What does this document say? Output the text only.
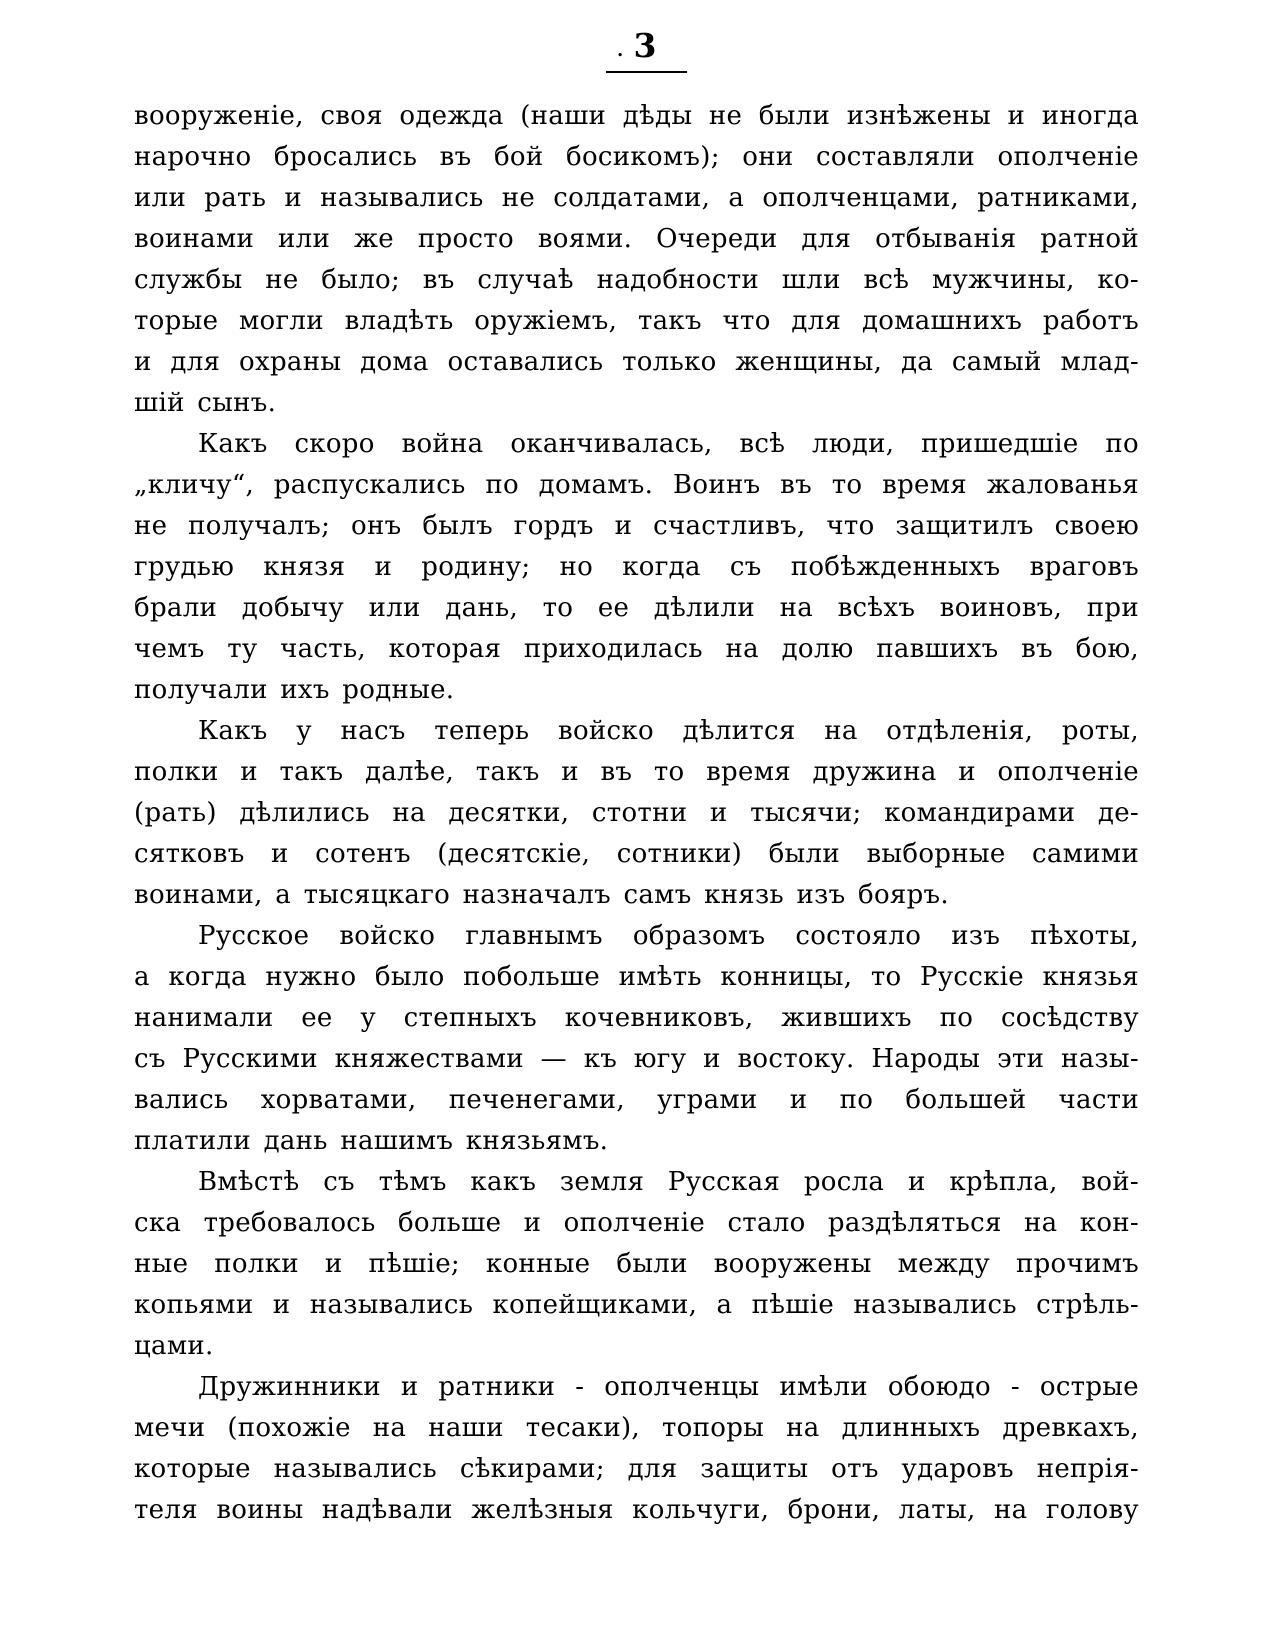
. 3
вооруженіе, своя одежда (наши дѣды не были изнѣжены и иногда
нарочно бросались въ бой босикомъ); они составляли ополченіе
или рать и назывались не солдатами, а ополченцами, ратниками,
воинами или же просто воями. Очереди для отбыванія ратной
службы не было; въ случаѣ надобности шли всѣ мужчины, ко-
торые могли владѣть оружіемъ, такъ что для домашнихъ работъ
и для охраны дома оставались только женщины, да самый млад-
шій сынъ.
Какъ скоро война оканчивалась, всѣ люди, пришедшіе по
„кличу“, распускались по домамъ. Воинъ въ то время жалованья
не получалъ; онъ былъ гордъ и счастливъ, что защитилъ своею
грудью князя и родину; но когда съ побѣжденныхъ враговъ
брали добычу или дань, то ее дѣлили на всѣхъ воиновъ, при
чемъ ту часть, которая приходилась на долю павшихъ въ бою,
получали ихъ родные.
Какъ у насъ теперь войско дѣлится на отдѣленія, роты,
полки и такъ далѣе, такъ и въ то время дружина и ополченіе
(рать) дѣлились на десятки, стотни и тысячи; командирами де-
сятковъ и сотенъ (десятскіе, сотники) были выборные самими
воинами, а тысяцкаго назначалъ самъ князь изъ бояръ.
Русское войско главнымъ образомъ состояло изъ пѣхоты,
а когда нужно было побольше имѣть конницы, то Русскіе князья
нанимали ее у степныхъ кочевниковъ, жившихъ по сосѣдству
съ Русскими княжествами — къ югу и востоку. Народы эти назы-
вались хорватами, печенегами, уграми и по большей части
платили дань нашимъ князьямъ.
Вмѣстѣ съ тѣмъ какъ земля Русская росла и крѣпла, вой-
ска требовалось больше и ополченіе стало раздѣляться на кон-
ные полки и пѣшіе; конные были вооружены между прочимъ
копьями и назывались копейщиками, а пѣшіе назывались стрѣль-
цами.
Дружинники и ратники - ополченцы имѣли обоюдо - острые
мечи (похожіе на наши тесаки), топоры на длинныхъ древкахъ,
которые назывались сѣкирами; для защиты отъ ударовъ непрія-
теля воины надѣвали желѣзныя кольчуги, брони, латы, на голову
